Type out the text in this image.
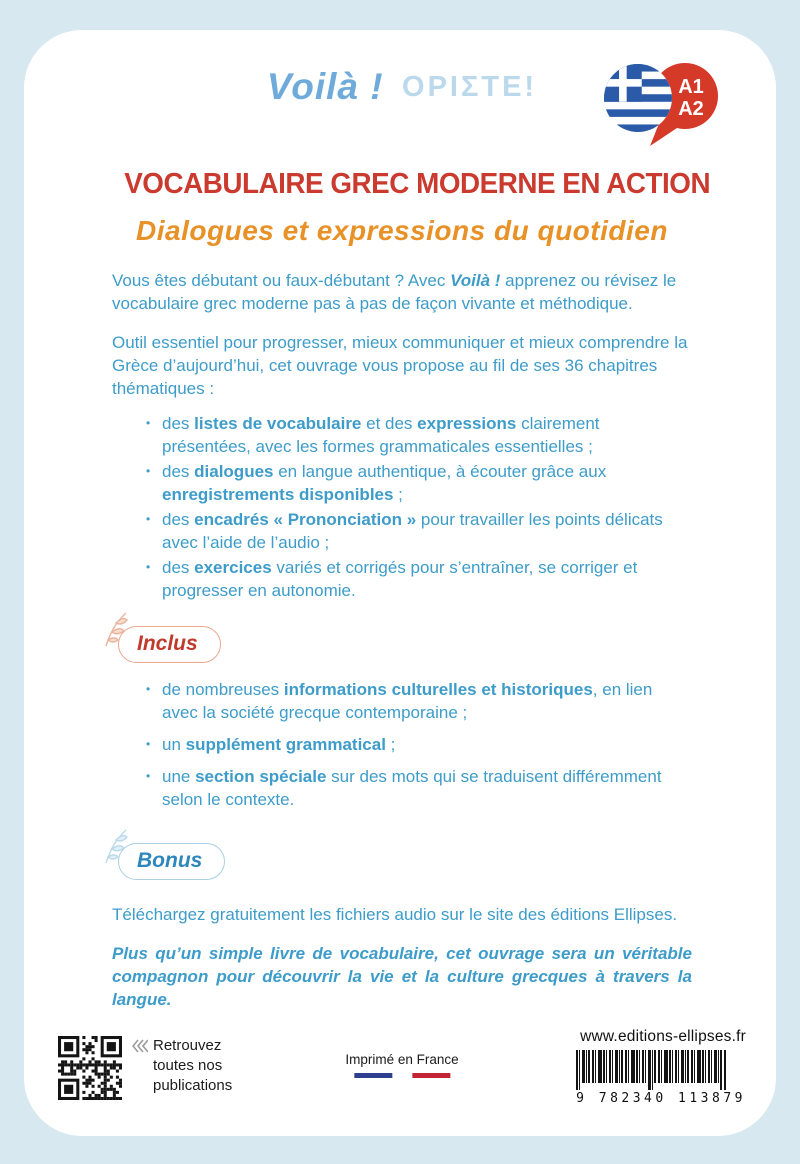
Voilà ! ΟΡΙΣΤΕ!	A1
A2
VOCABULAIRE GREC MODERNE EN ACTION
Dialogues et expressions du quotidien

Vous êtes débutant ou faux-débutant ? Avec Voilà ! apprenez ou révisez le vocabulaire grec moderne pas à pas de façon vivante et méthodique.

Outil essentiel pour progresser, mieux communiquer et mieux comprendre la Grèce d’aujourd’hui, cet ouvrage vous propose au fil de ses 36 chapitres thématiques :

• des listes de vocabulaire et des expressions clairement présentées, avec les formes grammaticales essentielles ;
• des dialogues en langue authentique, à écouter grâce aux enregistrements disponibles ;
• des encadrés « Prononciation » pour travailler les points délicats avec l’aide de l’audio ;
• des exercices variés et corrigés pour s’entraîner, se corriger et progresser en autonomie.
Inclus
• de nombreuses informations culturelles et historiques, en lien avec la société grecque contemporaine ;
• un supplément grammatical ;
• une section spéciale sur des mots qui se traduisent différemment selon le contexte.
Bonus

Téléchargez gratuitement les fichiers audio sur le site des éditions Ellipses.

Plus qu’un simple livre de vocabulaire, cet ouvrage sera un véritable compagnon pour découvrir la vie et la culture grecques à travers la langue.

Retrouvez
toutes nos
publications
Imprimé en France
www.editions-ellipses.fr
9 782340 113879
